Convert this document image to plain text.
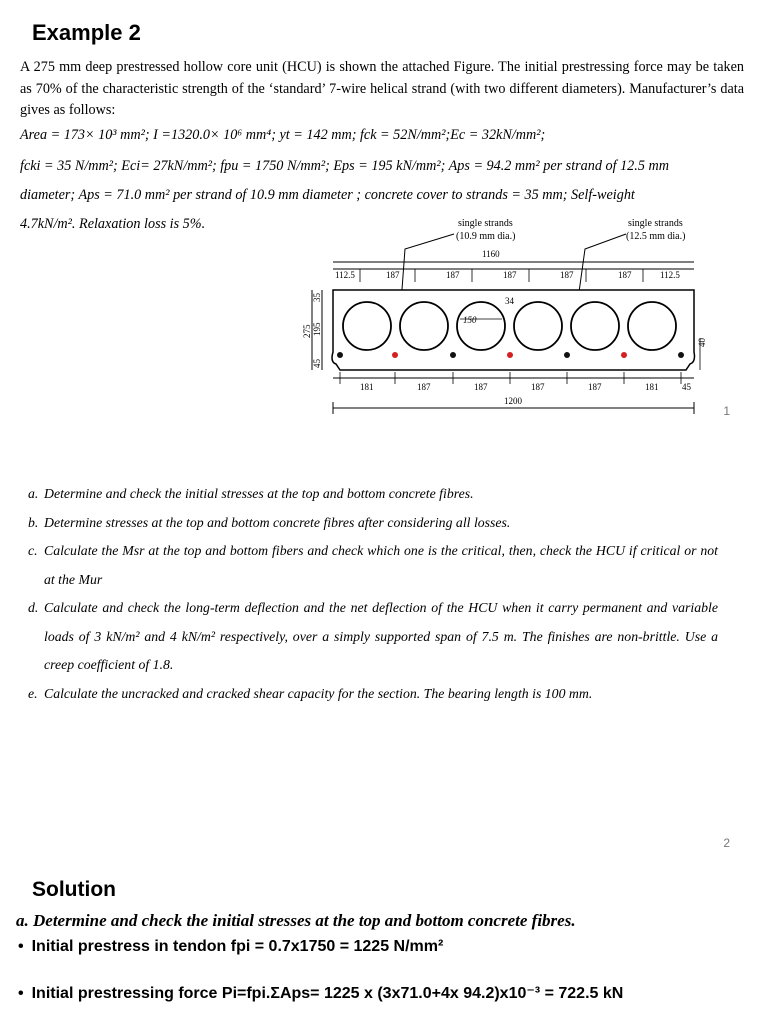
Example 2
A 275 mm deep prestressed hollow core unit (HCU) is shown the attached Figure. The initial prestressing force may be taken as 70% of the characteristic strength of the ‘standard’ 7-wire helical strand (with two different diameters). Manufacturer’s data gives as follows:
Area = 173× 10³ mm²; I =1320.0× 10⁶ mm⁴; yt = 142 mm; fck = 52N/mm²;Ec = 32kN/mm²;
fcki = 35 N/mm²; Eci= 27kN/mm²; fpu = 1750 N/mm²; Eps = 195 kN/mm²; Aps = 94.2 mm² per strand of 12.5 mm
diameter; Aps = 71.0 mm² per strand of 10.9 mm diameter ; concrete cover to strands = 35 mm; Self-weight
4.7kN/m². Relaxation loss is 5%.	single strands
(10.9 mm dia.)
single strands
(12.5 mm dia.)
1160
112.5	187	187	187	187	187	112.5
275 195
35
45
150
34
40
181	187	187	187	187	181	45
1200
1
a. Determine and check the initial stresses at the top and bottom concrete fibres.
b. Determine stresses at the top and bottom concrete fibres after considering all losses.
c. Calculate the Msr at the top and bottom fibers and check which one is the critical, then, check the HCU if critical or not at the Mur
d. Calculate and check the long-term deflection and the net deflection of the HCU when it carry permanent and variable loads of 3 kN/m² and 4 kN/m² respectively, over a simply supported span of 7.5 m. The finishes are non-brittle. Use a creep coefficient of 1.8.
e. Calculate the uncracked and cracked shear capacity for the section. The bearing length is 100 mm.
2
Solution
a. Determine and check the initial stresses at the top and bottom concrete fibres.
• Initial prestress in tendon fpi = 0.7x1750 = 1225 N/mm²
• Initial prestressing force Pi=fpi.ΣAps= 1225 x (3x71.0+4x 94.2)x10⁻³ = 722.5 kN
